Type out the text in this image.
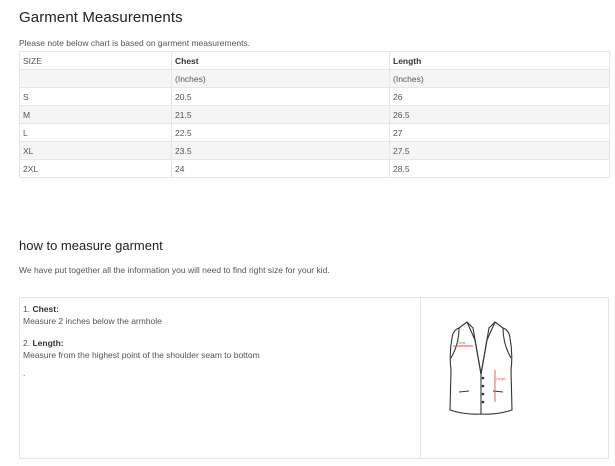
Garment Measurements
Please note below chart is based on garment measurements.
SIZE	Chest	Length
	(Inches)	(Inches)
S	20.5	26
M	21.5	26.5
L	22.5	27
XL	23.5	27.5
2XL	24	28.5
how to measure garment
We have put together all the information you will need to find right size for your kid.
1. Chest:
Measure 2 inches below the armhole
2. Length:
Measure from the highest point of the shoulder seam to bottom
.
Chest
Length
